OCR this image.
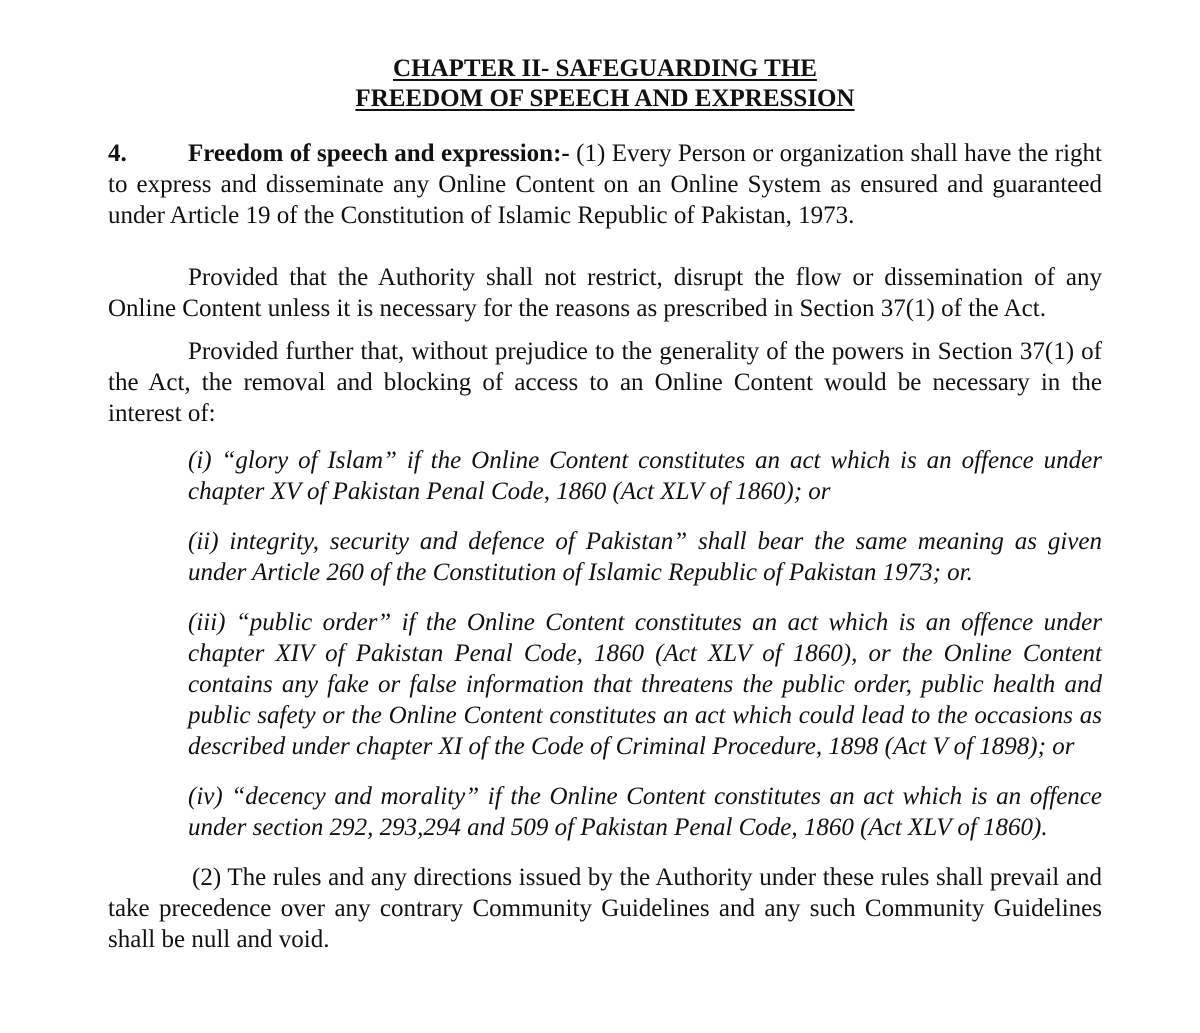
CHAPTER II- SAFEGUARDING THE

FREEDOM OF SPEECH AND EXPRESSION

4. Freedom of speech and expression:- (1) Every Person or organization shall have the right to express and disseminate any Online Content on an Online System as ensured and guaranteed under Article 19 of the Constitution of Islamic Republic of Pakistan, 1973.

Provided that the Authority shall not restrict, disrupt the flow or dissemination of any Online Content unless it is necessary for the reasons as prescribed in Section 37(1) of the Act.

Provided further that, without prejudice to the generality of the powers in Section 37(1) of the Act, the removal and blocking of access to an Online Content would be necessary in the interest of:

(i) “glory of Islam” if the Online Content constitutes an act which is an offence under chapter XV of Pakistan Penal Code, 1860 (Act XLV of 1860); or

(ii) integrity, security and defence of Pakistan” shall bear the same meaning as given under Article 260 of the Constitution of Islamic Republic of Pakistan 1973; or.

(iii) “public order” if the Online Content constitutes an act which is an offence under chapter XIV of Pakistan Penal Code, 1860 (Act XLV of 1860), or the Online Content contains any fake or false information that threatens the public order, public health and public safety or the Online Content constitutes an act which could lead to the occasions as described under chapter XI of the Code of Criminal Procedure, 1898 (Act V of 1898); or

(iv) “decency and morality” if the Online Content constitutes an act which is an offence under section 292, 293,294 and 509 of Pakistan Penal Code, 1860 (Act XLV of 1860).

(2) The rules and any directions issued by the Authority under these rules shall prevail and take precedence over any contrary Community Guidelines and any such Community Guidelines shall be null and void.
